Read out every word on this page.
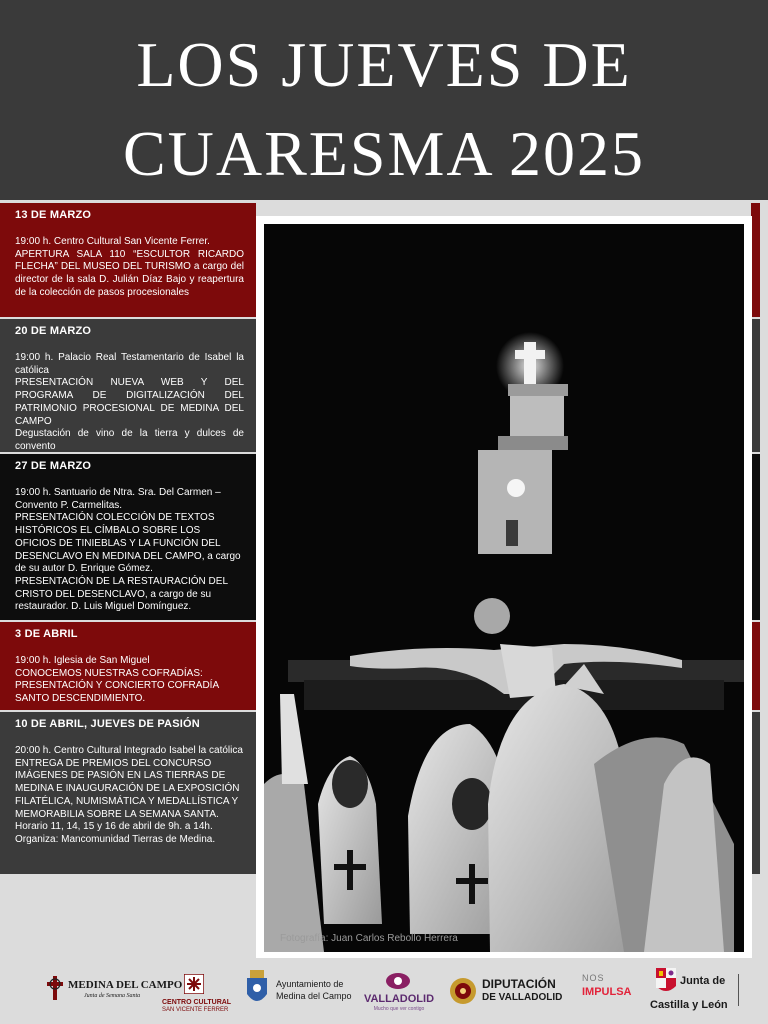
LOS JUEVES DE
CUARESMA 2025
13 DE MARZO
19:00 h. Centro Cultural San Vicente Ferrer.
APERTURA SALA 110 “ESCULTOR RICARDO FLECHA” DEL MUSEO DEL TURISMO a cargo del director de la sala D. Julián Díaz Bajo y reapertura de la colección de pasos procesionales
20 DE MARZO
19:00 h. Palacio Real Testamentario de Isabel la católica
PRESENTACIÓN NUEVA WEB Y DEL PROGRAMA DE DIGITALIZACIÓN DEL PATRIMONIO PROCESIONAL DE MEDINA DEL CAMPO
Degustación de vino de la tierra y dulces de convento
27 DE MARZO
19:00 h. Santuario de Ntra. Sra. Del Carmen – Convento P. Carmelitas.
PRESENTACIÓN COLECCIÓN DE TEXTOS HISTÓRICOS EL CÍMBALO SOBRE LOS OFICIOS DE TINIEBLAS Y LA FUNCIÓN DEL DESENCLAVO EN MEDINA DEL CAMPO, a cargo de su autor D. Enrique Gómez.
PRESENTACIÓN DE LA RESTAURACIÓN DEL CRISTO DEL DESENCLAVO, a cargo de su restaurador. D. Luis Miguel Domínguez.
3 DE ABRIL
19:00 h. Iglesia de San Miguel
CONOCEMOS NUESTRAS COFRADÍAS: PRESENTACIÓN Y CONCIERTO COFRADÍA SANTO DESCENDIMIENTO.
10 DE ABRIL, JUEVES DE PASIÓN
20:00 h. Centro Cultural Integrado Isabel la católica
ENTREGA DE PREMIOS DEL CONCURSO IMÁGENES DE PASIÓN EN LAS TIERRAS DE MEDINA E INAUGURACIÓN DE LA EXPOSICIÓN FILATÉLICA, NUMISMÁTICA Y MEDALLÍSTICA Y MEMORABILIA SOBRE LA SEMANA SANTA.
Horario 11, 14, 15 y 16 de abril de 9h. a 14h.
Organiza: Mancomunidad Tierras de Medina.
Fotografía: Juan Carlos Rebollo Herrera
MEDINA DEL CAMPO
Junta de Semana Santa
CENTRO CULTURAL
SAN VICENTE FERRER
Ayuntamiento de
Medina del Campo	VALLADOLID
Mucho que ver contigo
DIPUTACIÓN
DE VALLADOLID
NOS
IMPULSA
Junta de
Castilla y León
